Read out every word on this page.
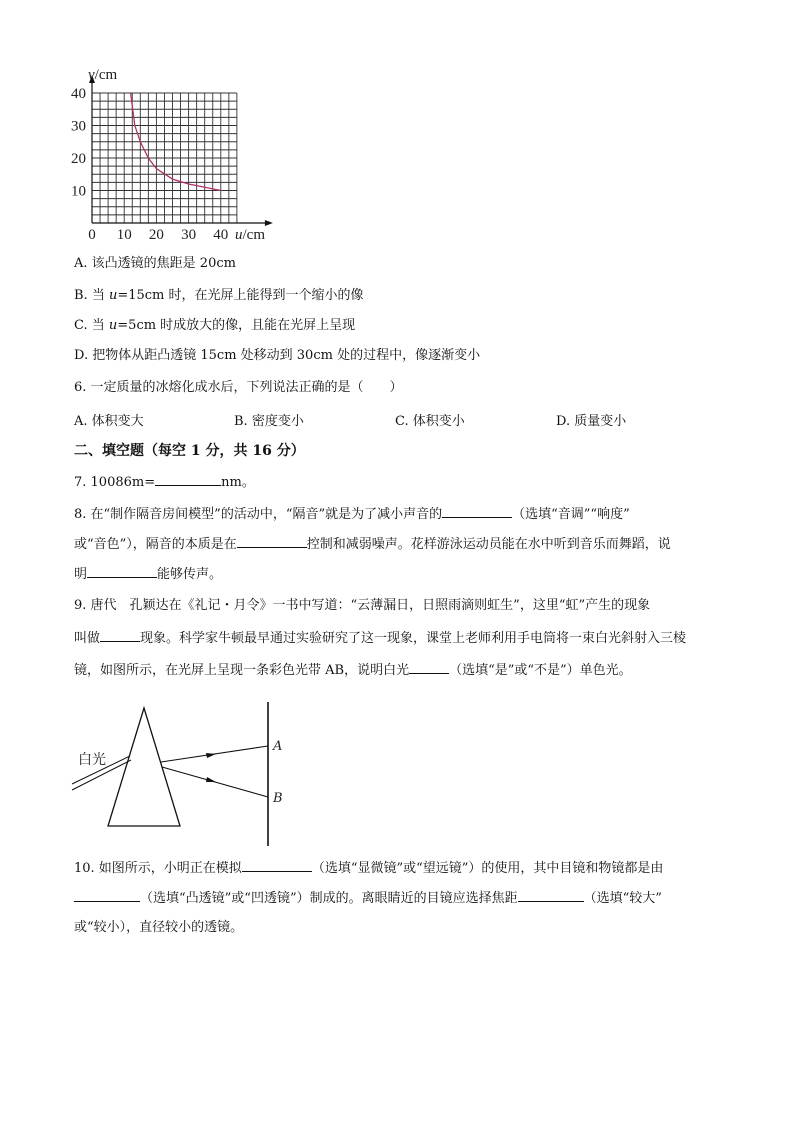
0 10 20 30 40
10
20
30
40
v/cm
u/cm
A. 该凸透镜的焦距是 20cm
B. 当 u=15cm 时，在光屏上能得到一个缩小的像
C. 当 u=5cm 时成放大的像，且能在光屏上呈现
D. 把物体从距凸透镜 15cm 处移动到 30cm 处的过程中，像逐渐变小
6. 一定质量的冰熔化成水后，下列说法正确的是（　　）
A. 体积变大	B. 密度变小	C. 体积变小	D. 质量变小
二、填空题（每空 1 分，共 16 分）
7. 10086m=	nm。
8. 在“制作隔音房间模型”的活动中，“隔音”就是为了减小声音的	（选填“音调”“响度”
或“音色”），隔音的本质是在	控制和减弱噪声。花样游泳运动员能在水中听到音乐而舞蹈，说
明	能够传声。
9. 唐代　孔颖达在《礼记・月令》一书中写道：“云薄漏日，日照雨滴则虹生”，这里“虹”产生的现象
叫做	现象。科学家牛顿最早通过实验研究了这一现象，课堂上老师利用手电筒将一束白光斜射入三棱
镜，如图所示，在光屏上呈现一条彩色光带 AB，说明白光	（选填“是”或“不是”）单色光。
白光
A
B
10. 如图所示，小明正在模拟	（选填“显微镜”或“望远镜”）的使用，其中目镜和物镜都是由
（选填“凸透镜”或“凹透镜”）制成的。离眼睛近的目镜应选择焦距	（选填“较大”
或“较小），直径较小的透镜。
